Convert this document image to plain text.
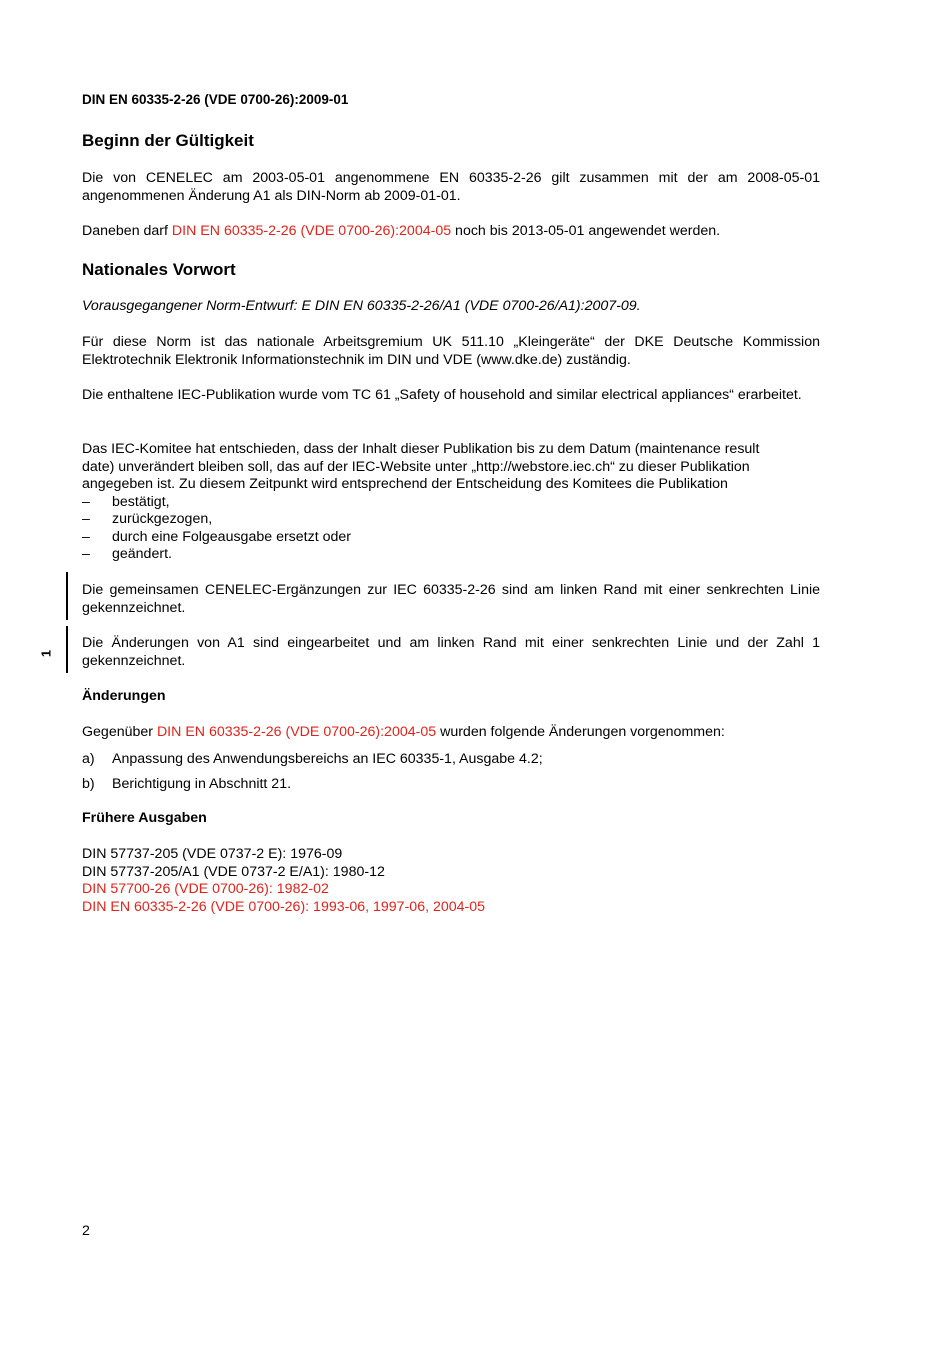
DIN EN 60335-2-26 (VDE 0700-26):2009-01
Beginn der Gültigkeit
Die von CENELEC am 2003-05-01 angenommene EN 60335-2-26 gilt zusammen mit der am 2008-05-01 angenommenen Änderung A1 als DIN-Norm ab 2009-01-01.
Daneben darf DIN EN 60335-2-26 (VDE 0700-26):2004-05 noch bis 2013-05-01 angewendet werden.
Nationales Vorwort
Vorausgegangener Norm-Entwurf: E DIN EN 60335-2-26/A1 (VDE 0700-26/A1):2007-09.
Für diese Norm ist das nationale Arbeitsgremium UK 511.10 „Kleingeräte“ der DKE Deutsche Kommission Elektrotechnik Elektronik Informationstechnik im DIN und VDE (www.dke.de) zuständig.
Die enthaltene IEC-Publikation wurde vom TC 61 „Safety of household and similar electrical appliances“ erarbeitet.
Das IEC-Komitee hat entschieden, dass der Inhalt dieser Publikation bis zu dem Datum (maintenance result
date) unverändert bleiben soll, das auf der IEC-Website unter „http://webstore.iec.ch“ zu dieser Publikation
angegeben ist. Zu diesem Zeitpunkt wird entsprechend der Entscheidung des Komitees die Publikation
–	bestätigt,
–	zurückgezogen,
–	durch eine Folgeausgabe ersetzt oder
–	geändert.
Die gemeinsamen CENELEC-Ergänzungen zur IEC 60335-2-26 sind am linken Rand mit einer senkrechten Linie gekennzeichnet.
1
Die Änderungen von A1 sind eingearbeitet und am linken Rand mit einer senkrechten Linie und der Zahl 1 gekennzeichnet.
Änderungen
Gegenüber DIN EN 60335-2-26 (VDE 0700-26):2004-05 wurden folgende Änderungen vorgenommen:
a)	Anpassung des Anwendungsbereichs an IEC 60335-1, Ausgabe 4.2;
b)	Berichtigung in Abschnitt 21.
Frühere Ausgaben
DIN 57737-205 (VDE 0737-2 E): 1976-09
DIN 57737-205/A1 (VDE 0737-2 E/A1): 1980-12
DIN 57700-26 (VDE 0700-26): 1982-02
DIN EN 60335-2-26 (VDE 0700-26): 1993-06, 1997-06, 2004-05
2
